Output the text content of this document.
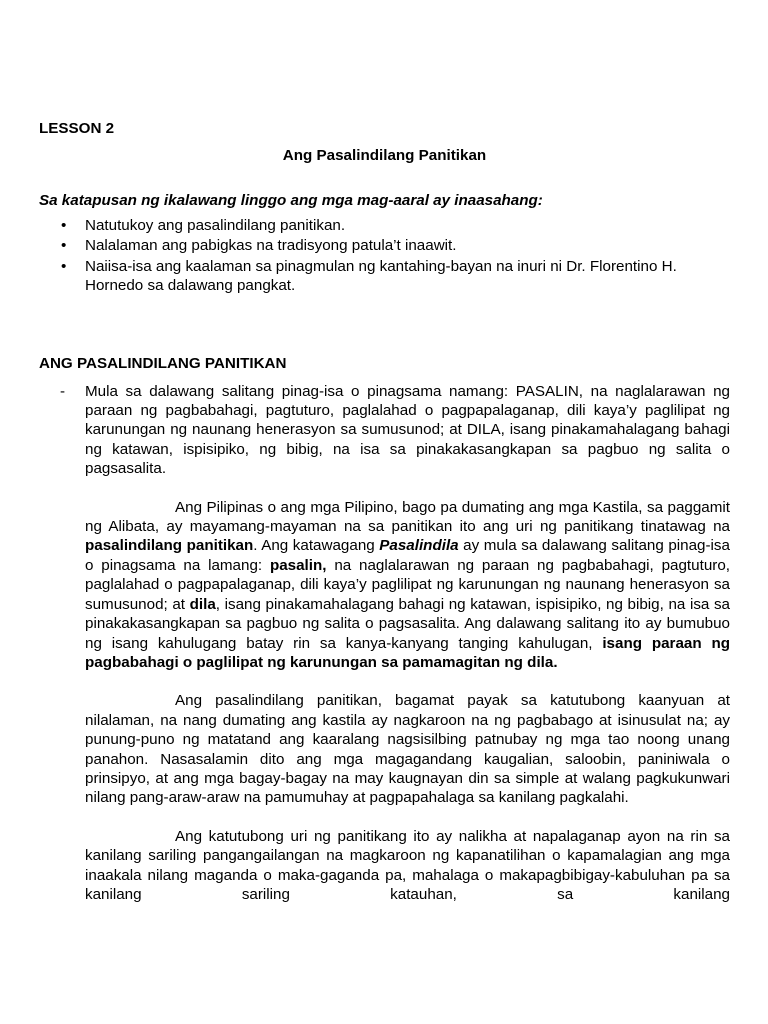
LESSON 2

Ang Pasalindilang Panitikan

Sa katapusan ng ikalawang linggo ang mga mag-aaral ay inaasahang:

• Natutukoy ang pasalindilang panitikan.
• Nalalaman ang pabigkas na tradisyong patula’t inaawit.
• Naiisa-isa ang kaalaman sa pinagmulan ng kantahing-bayan na inuri ni Dr. Florentino H. Hornedo sa dalawang pangkat.

ANG PASALINDILANG PANITIKAN

- Mula sa dalawang salitang pinag-isa o pinagsama namang: PASALIN, na naglalarawan ng paraan ng pagbabahagi, pagtuturo, paglalahad o pagpapalaganap, dili kaya’y paglilipat ng karunungan ng naunang henerasyon sa sumusunod; at DILA, isang pinakamahalagang bahagi ng katawan, ispisipiko, ng bibig, na isa sa pinakakasangkapan sa pagbuo ng salita o pagsasalita.

Ang Pilipinas o ang mga Pilipino, bago pa dumating ang mga Kastila, sa paggamit ng Alibata, ay mayamang-mayaman na sa panitikan ito ang uri ng panitikang tinatawag na pasalindilang panitikan. Ang katawagang Pasalindila ay mula sa dalawang salitang pinag-isa o pinagsama na lamang: pasalin, na naglalarawan ng paraan ng pagbabahagi, pagtuturo, paglalahad o pagpapalaganap, dili kaya’y paglilipat ng karunungan ng naunang henerasyon sa sumusunod; at dila, isang pinakamahalagang bahagi ng katawan, ispisipiko, ng bibig, na isa sa pinakakasangkapan sa pagbuo ng salita o pagsasalita. Ang dalawang salitang ito ay bumubuo ng isang kahulugang batay rin sa kanya-kanyang tanging kahulugan, isang paraan ng pagbabahagi o paglilipat ng karunungan sa pamamagitan ng dila.

Ang pasalindilang panitikan, bagamat payak sa katutubong kaanyuan at nilalaman, na nang dumating ang kastila ay nagkaroon na ng pagbabago at isinusulat na; ay punung-puno ng matatand ang kaaralang nagsisilbing patnubay ng mga tao noong unang panahon. Nasasalamin dito ang mga magagandang kaugalian, saloobin, paniniwala o prinsipyo, at ang mga bagay-bagay na may kaugnayan din sa simple at walang pagkukunwari nilang pang-araw-araw na pamumuhay at pagpapahalaga sa kanilang pagkalahi.

Ang katutubong uri ng panitikang ito ay nalikha at napalaganap ayon na rin sa kanilang sariling pangangailangan na magkaroon ng kapanatilihan o kapamalagian ang mga inaakala nilang maganda o maka-gaganda pa, mahalaga o makapagbibigay-kabuluhan pa sa kanilang sariling katauhan, sa kanilang
